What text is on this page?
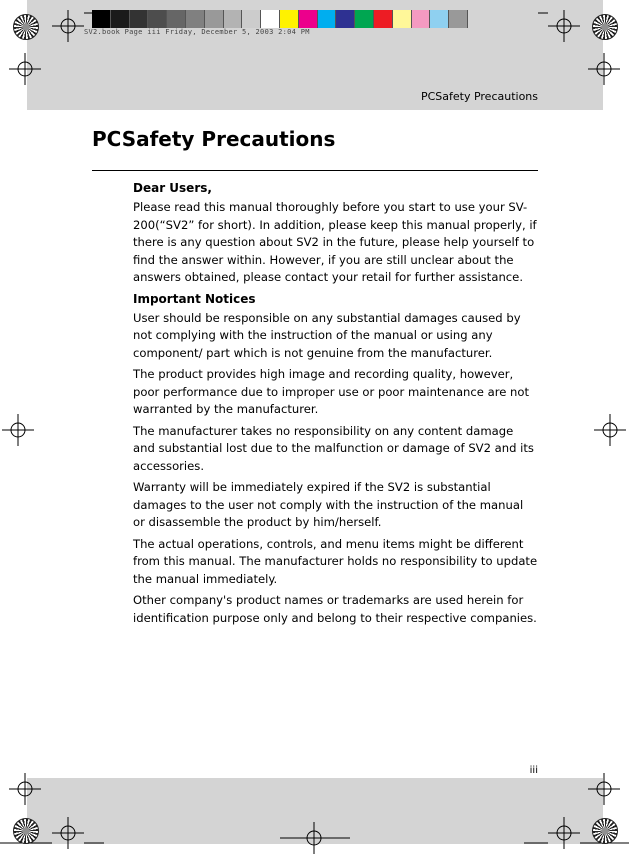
SV2.book Page iii Friday, December 5, 2003 2:04 PM
PCSafety Precautions
PCSafety Precautions
Dear Users,

Please read this manual thoroughly before you start to use your SV-200(“SV2” for short). In addition, please keep this manual properly, if there is any question about SV2 in the future, please help yourself to find the answer within. However, if you are still unclear about the answers obtained, please contact your retail for further assistance.

Important Notices

User should be responsible on any substantial damages caused by not complying with the instruction of the manual or using any component/ part which is not genuine from the manufacturer.

The product provides high image and recording quality, however, poor performance due to improper use or poor maintenance are not warranted by the manufacturer.

The manufacturer takes no responsibility on any content damage and substantial lost due to the malfunction or damage of SV2 and its accessories.

Warranty will be immediately expired if the SV2 is substantial damages to the user not comply with the instruction of the manual or disassemble the product by him/herself.

The actual operations, controls, and menu items might be different from this manual. The manufacturer holds no responsibility to update the manual immediately.

Other company's product names or trademarks are used herein for identification purpose only and belong to their respective companies.

iii
